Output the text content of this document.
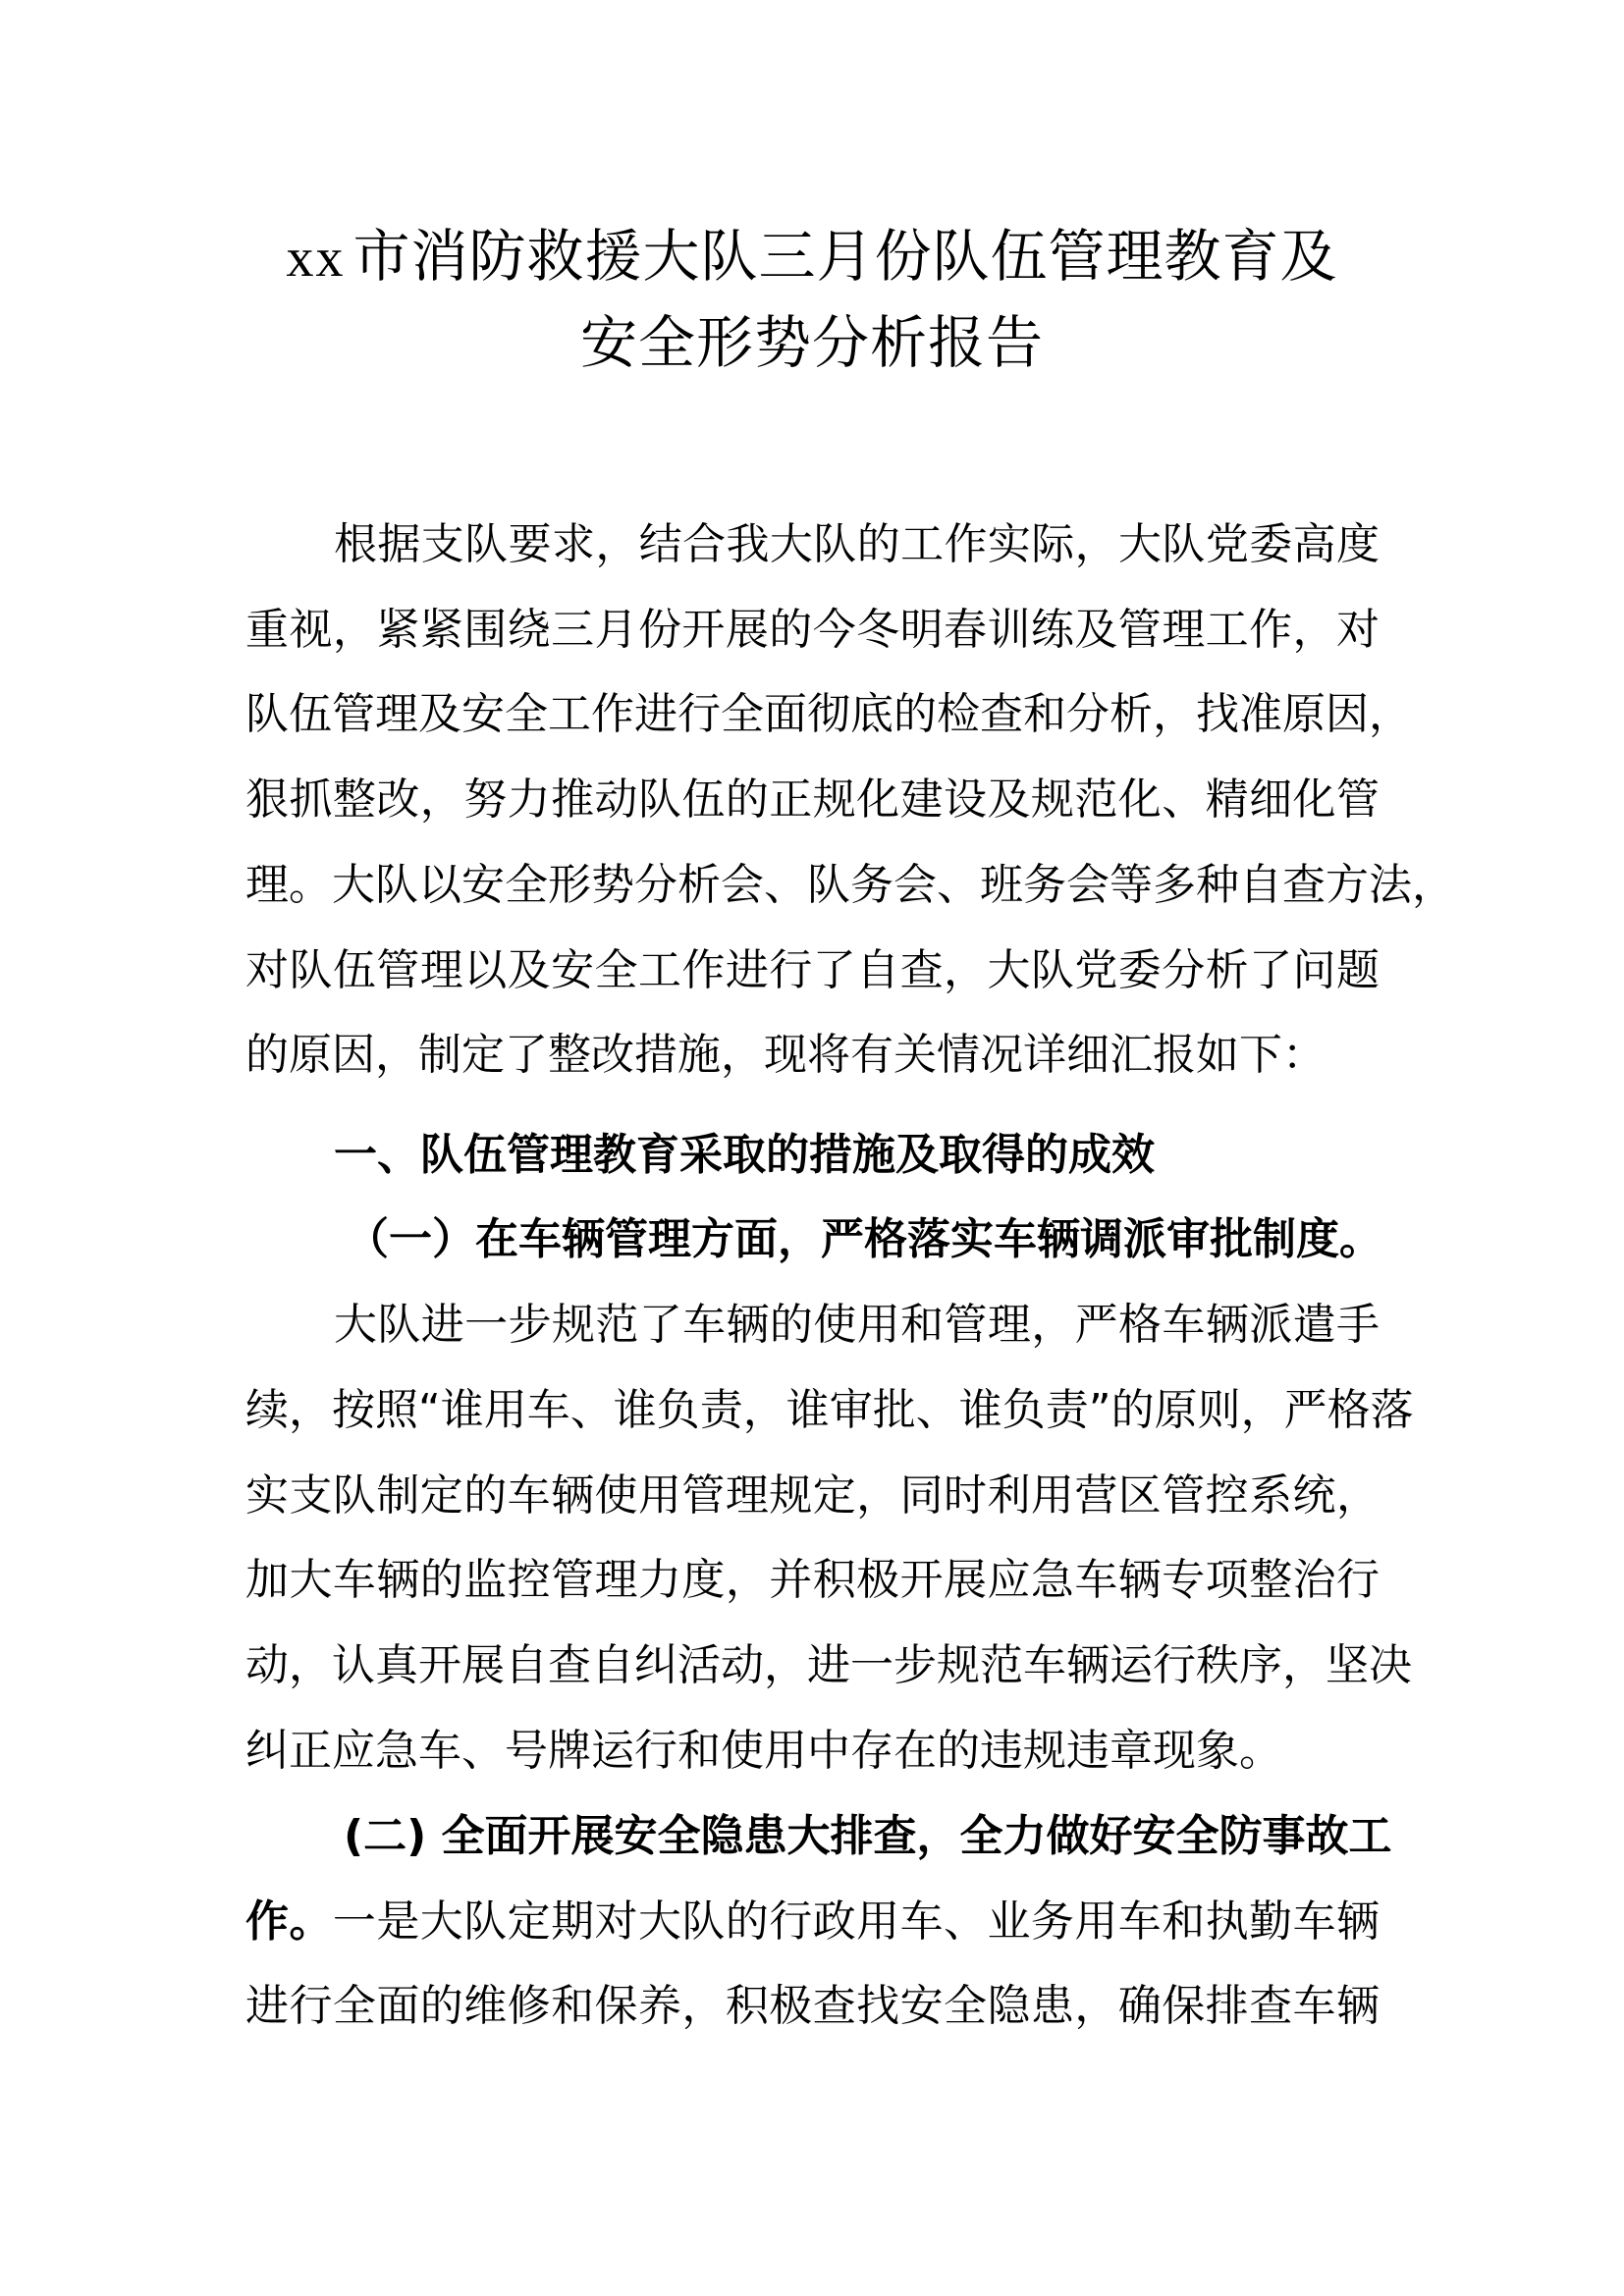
xx 市消防救援大队三月份队伍管理教育及
安全形势分析报告
根据支队要求，结合我大队的工作实际，大队党委高度
重视，紧紧围绕三月份开展的今冬明春训练及管理工作，对
队伍管理及安全工作进行全面彻底的检查和分析，找准原因，
狠抓整改，努力推动队伍的正规化建设及规范化、精细化管
理。大队以安全形势分析会、队务会、班务会等多种自查方法，
对队伍管理以及安全工作进行了自查，大队党委分析了问题
的原因，制定了整改措施，现将有关情况详细汇报如下：
一、队伍管理教育采取的措施及取得的成效
（一）在车辆管理方面，严格落实车辆调派审批制度。
大队进一步规范了车辆的使用和管理，严格车辆派遣手
续，按照“谁用车、谁负责，谁审批、谁负责”的原则，严格落
实支队制定的车辆使用管理规定，同时利用营区管控系统，
加大车辆的监控管理力度，并积极开展应急车辆专项整治行
动，认真开展自查自纠活动，进一步规范车辆运行秩序，坚决
纠正应急车、号牌运行和使用中存在的违规违章现象。
(二) 全面开展安全隐患大排查，全力做好安全防事故工
作。一是大队定期对大队的行政用车、业务用车和执勤车辆
进行全面的维修和保养，积极查找安全隐患，确保排查车辆
